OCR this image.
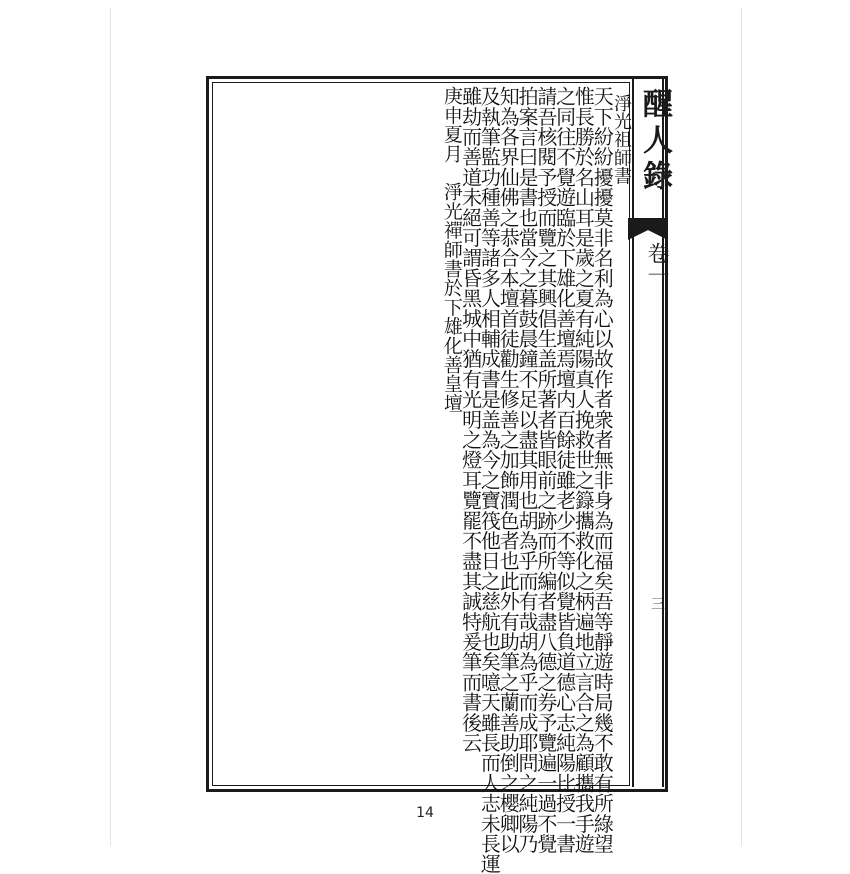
醒人錄
卷一
三
淨光祖師書
天下紛紛擾擾莫非名利為心以故作者衆者無非身為而福矣吾等靜遊時局幾不敢有所綠望
惟長勝於名山耳是歲之夏有純陽真人挽救世之籙攜救化之柄遍地立言合之為顧攜我手遊
之同往不覺遊臨於下雄化善壇焉壇内百餘徒雖老少不等似覺皆負道德心志純陽比授一書
請吾核閱予授而覽之其興倡生盖所著者皆眼前之跡而所編者盡八德之券予覽遍一過不覺
拍案言曰是書也當今之暮鼓晨鐘不足以盡其用也胡為乎而有哉胡為乎而成耶問之純陽乃
知為各界仙佛之恭合本壇首徒勸生修善之加飾潤色者也此外有助筆之蘭善助倒之櫻卿以
及執筆監功種善等諸多人相輔成書是盖為今之寶筏他日之慈航也矣噫天雖長而人志未長運
雖劫而善道未絕可謂昏黑城中猶有光明之燈耳覽罷不盡其誠特爰筆而書後云
庚申夏月　淨光禪師書於下雄化善皇壇
14
